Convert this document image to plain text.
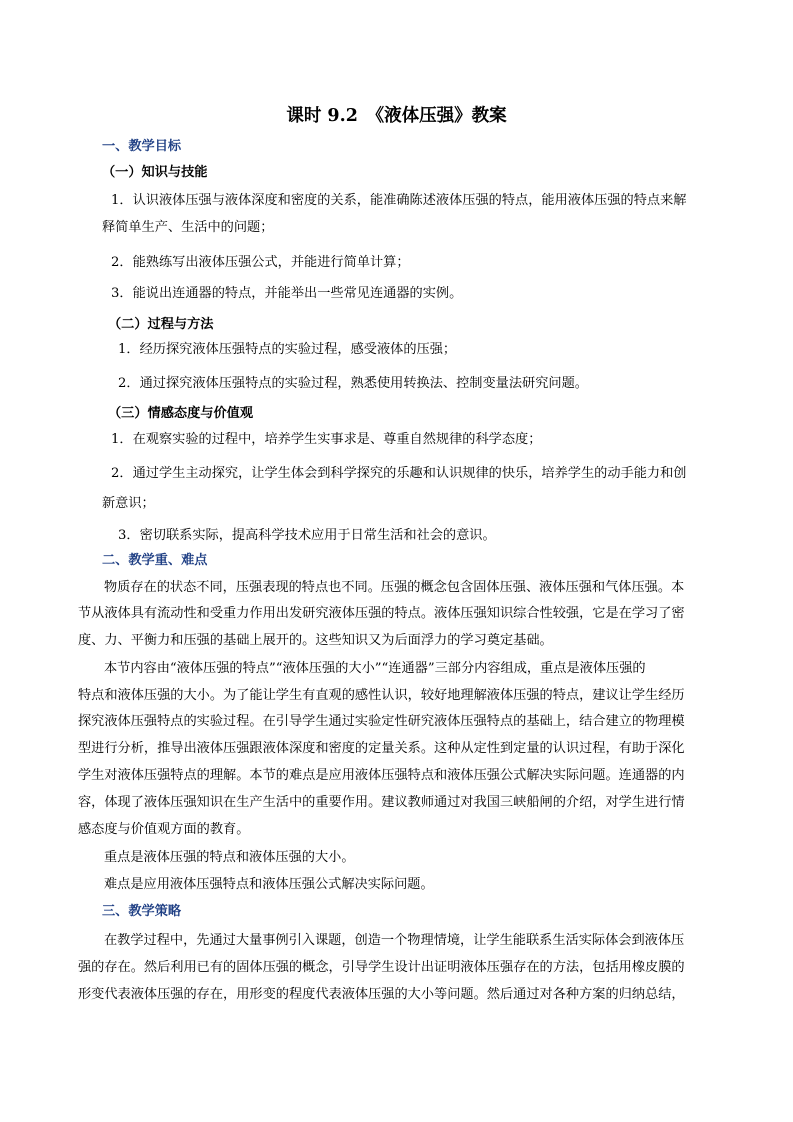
课时 9.2　《液体压强》教案
一、教学目标
（一）知识与技能
1．认识液体压强与液体深度和密度的关系，能准确陈述液体压强的特点，能用液体压强的特点来解
释简单生产、生活中的问题；
2．能熟练写出液体压强公式，并能进行简单计算；
3．能说出连通器的特点，并能举出一些常见连通器的实例。
（二）过程与方法
1．经历探究液体压强特点的实验过程，感受液体的压强；
2．通过探究液体压强特点的实验过程，熟悉使用转换法、控制变量法研究问题。
（三）情感态度与价值观
1．在观察实验的过程中，培养学生实事求是、尊重自然规律的科学态度；
2．通过学生主动探究，让学生体会到科学探究的乐趣和认识规律的快乐，培养学生的动手能力和创
新意识；
3．密切联系实际，提高科学技术应用于日常生活和社会的意识。
二、教学重、难点
物质存在的状态不同，压强表现的特点也不同。压强的概念包含固体压强、液体压强和气体压强。本
节从液体具有流动性和受重力作用出发研究液体压强的特点。液体压强知识综合性较强，它是在学习了密
度、力、平衡力和压强的基础上展开的。这些知识又为后面浮力的学习奠定基础。
本节内容由“液体压强的特点”“液体压强的大小”“连通器”三部分内容组成，重点是液体压强的
特点和液体压强的大小。为了能让学生有直观的感性认识，较好地理解液体压强的特点，建议让学生经历
探究液体压强特点的实验过程。在引导学生通过实验定性研究液体压强特点的基础上，结合建立的物理模
型进行分析，推导出液体压强跟液体深度和密度的定量关系。这种从定性到定量的认识过程，有助于深化
学生对液体压强特点的理解。本节的难点是应用液体压强特点和液体压强公式解决实际问题。连通器的内
容，体现了液体压强知识在生产生活中的重要作用。建议教师通过对我国三峡船闸的介绍，对学生进行情
感态度与价值观方面的教育。
重点是液体压强的特点和液体压强的大小。
难点是应用液体压强特点和液体压强公式解决实际问题。
三、教学策略
在教学过程中，先通过大量事例引入课题，创造一个物理情境，让学生能联系生活实际体会到液体压
强的存在。然后利用已有的固体压强的概念，引导学生设计出证明液体压强存在的方法，包括用橡皮膜的
形变代表液体压强的存在，用形变的程度代表液体压强的大小等问题。然后通过对各种方案的归纳总结，
